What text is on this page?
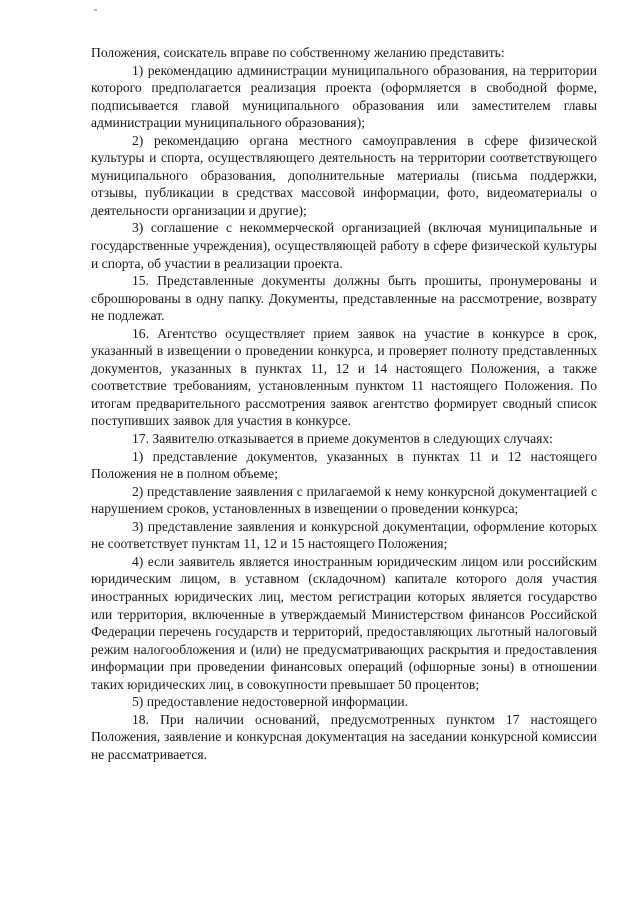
Положения, соискатель вправе по собственному желанию представить:

1) рекомендацию администрации муниципального образования, на территории которого предполагается реализация проекта (оформляется в свободной форме, подписывается главой муниципального образования или заместителем главы администрации муниципального образования);

2) рекомендацию органа местного самоуправления в сфере физической культуры и спорта, осуществляющего деятельность на территории соответствующего муниципального образования, дополнительные материалы (письма поддержки, отзывы, публикации в средствах массовой информации, фото, видеоматериалы о деятельности организации и другие);

3) соглашение с некоммерческой организацией (включая муниципальные и государственные учреждения), осуществляющей работу в сфере физической культуры и спорта, об участии в реализации проекта.

15. Представленные документы должны быть прошиты, пронумерованы и сброшюрованы в одну папку. Документы, представленные на рассмотрение, возврату не подлежат.

16. Агентство осуществляет прием заявок на участие в конкурсе в срок, указанный в извещении о проведении конкурса, и проверяет полноту представленных документов, указанных в пунктах 11, 12 и 14 настоящего Положения, а также соответствие требованиям, установленным пунктом 11 настоящего Положения. По итогам предварительного рассмотрения заявок агентство формирует сводный список поступивших заявок для участия в конкурсе.

17. Заявителю отказывается в приеме документов в следующих случаях:

1) представление документов, указанных в пунктах 11 и 12 настоящего Положения не в полном объеме;

2) представление заявления с прилагаемой к нему конкурсной документацией с нарушением сроков, установленных в извещении о проведении конкурса;

3) представление заявления и конкурсной документации, оформление которых не соответствует пунктам 11, 12 и 15 настоящего Положения;

4) если заявитель является иностранным юридическим лицом или российским юридическим лицом, в уставном (складочном) капитале которого доля участия иностранных юридических лиц, местом регистрации которых является государство или территория, включенные в утверждаемый Министерством финансов Российской Федерации перечень государств и территорий, предоставляющих льготный налоговый режим налогообложения и (или) не предусматривающих раскрытия и предоставления информации при проведении финансовых операций (офшорные зоны) в отношении таких юридических лиц, в совокупности превышает 50 процентов;

5) предоставление недостоверной информации.

18. При наличии оснований, предусмотренных пунктом 17 настоящего Положения, заявление и конкурсная документация на заседании конкурсной комиссии не рассматривается.
